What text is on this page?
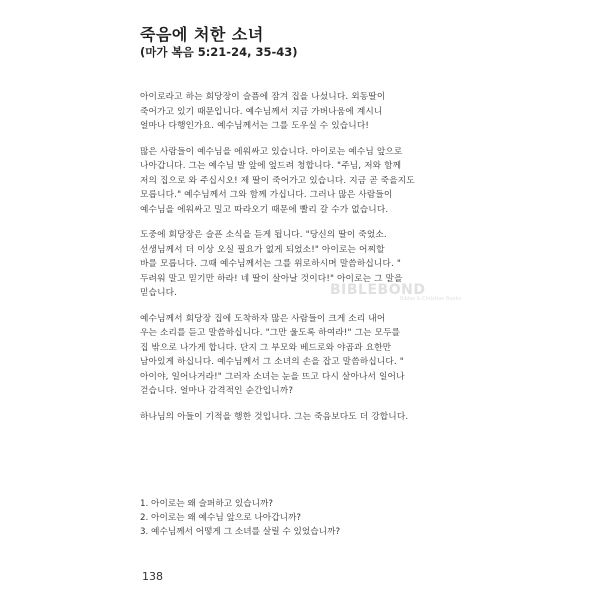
죽음에 처한 소녀
(마가 복음 5:21-24, 35-43)

아이로라고 하는 회당장이 슬픔에 잠겨 집을 나섰니다. 외동딸이
죽어가고 있기 때문입니다. 예수님께서 지금 가버나움에 계시니
얼마나 다행인가요. 예수님께서는 그를 도우실 수 있습니다!

많은 사람들이 예수님을 에워싸고 있습니다. 아이로는 예수님 앞으로
나아갑니다. 그는 예수님 발 앞에 엎드려 청합니다. "주님, 저와 함께
저의 집으로 와 주십시오! 제 딸이 죽어가고 있습니다. 지금 곧 죽을지도
모릅니다." 예수님께서 그와 함께 가십니다. 그러나 많은 사람들이
예수님을 에워싸고 밀고 따라오기 때문에 빨리 갈 수가 없습니다.

도중에 회당장은 슬픈 소식을 듣게 됩니다. "당신의 딸이 죽었소.
선생님께서 더 이상 오실 필요가 없게 되었소!" 아이로는 어찌할
바를 모릅니다. 그때 예수님께서는 그를 위로하시며 말씀하십니다. "
두려워 말고 믿기만 하라! 네 딸이 살아날 것이다!" 아이로는 그 말을
믿습니다.

예수님께서 회당장 집에 도착하자 많은 사람들이 크게 소리 내어
우는 소리를 듣고 말씀하십니다. "그만 울도록 하여라!" 그는 모두를
집 밖으로 나가게 합니다. 단지 그 부모와 베드로와 야곱과 요한만
남아있게 하십니다. 예수님께서 그 소녀의 손을 잡고 말씀하십니다. "
아이야, 일어나거라!" 그러자 소녀는 눈을 뜨고 다시 살아나서 일어나
걷습니다. 얼마나 감격적인 순간입니까?

하나님의 아들이 기적을 행한 것입니다. 그는 죽음보다도 더 강합니다.

BIBLEBOND
Bibles & Christian Books
1. 아이로는 왜 슬퍼하고 있습니까?
2. 아이로는 왜 예수님 앞으로 나아갑니까?
3. 예수님께서 어떻게 그 소녀를 살릴 수 있었습니까?
138
